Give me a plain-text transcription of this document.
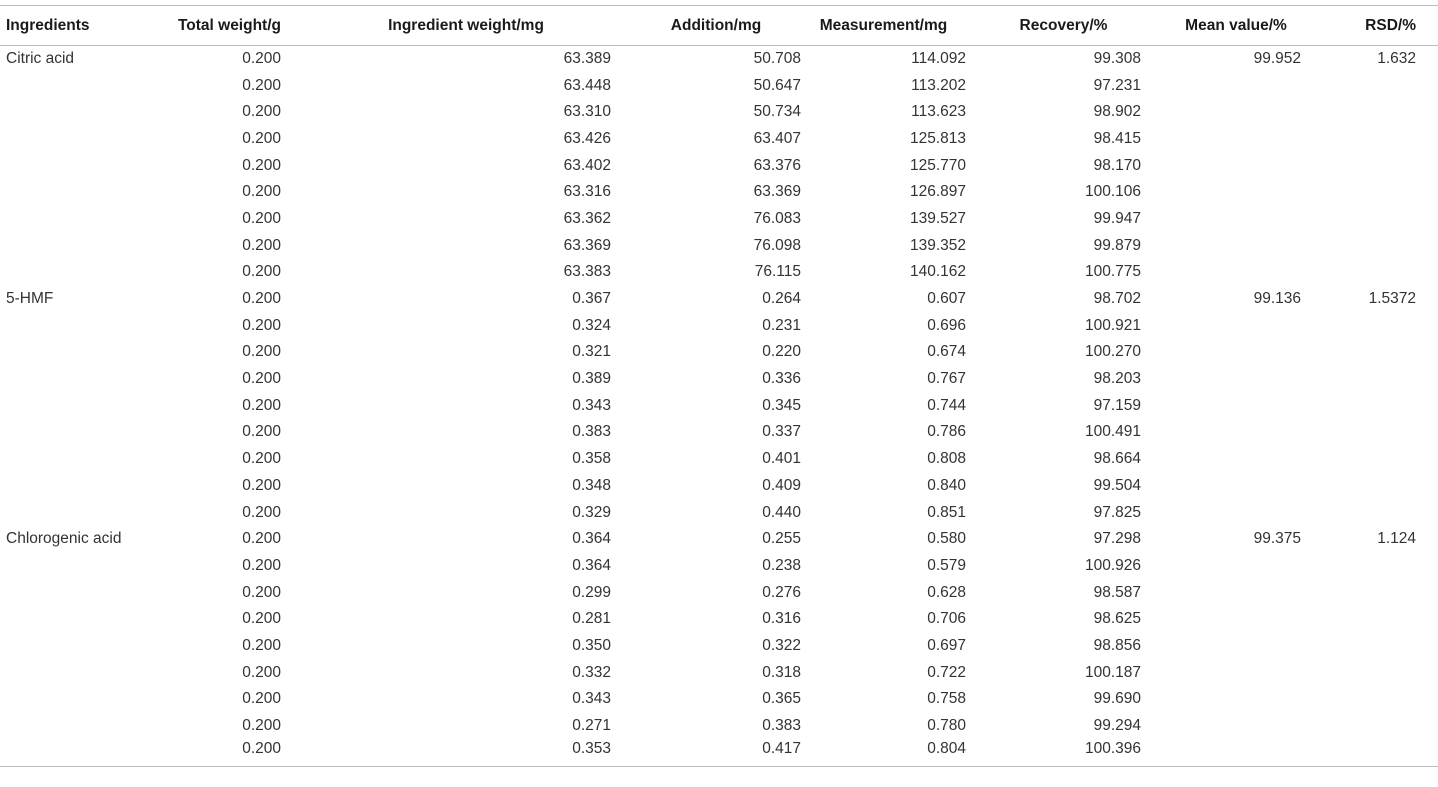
Ingredients	Total weight/g	Ingredient weight/mg	Addition/mg	Measurement/mg	Recovery/%	Mean value/%	RSD/%
Citric acid	0.200	63.389	50.708	114.092	99.308	99.952	1.632
	0.200	63.448	50.647	113.202	97.231		
	0.200	63.310	50.734	113.623	98.902		
	0.200	63.426	63.407	125.813	98.415		
	0.200	63.402	63.376	125.770	98.170		
	0.200	63.316	63.369	126.897	100.106		
	0.200	63.362	76.083	139.527	99.947		
	0.200	63.369	76.098	139.352	99.879		
	0.200	63.383	76.115	140.162	100.775		
5-HMF	0.200	0.367	0.264	0.607	98.702	99.136	1.5372
	0.200	0.324	0.231	0.696	100.921		
	0.200	0.321	0.220	0.674	100.270		
	0.200	0.389	0.336	0.767	98.203		
	0.200	0.343	0.345	0.744	97.159		
	0.200	0.383	0.337	0.786	100.491		
	0.200	0.358	0.401	0.808	98.664		
	0.200	0.348	0.409	0.840	99.504		
	0.200	0.329	0.440	0.851	97.825		
Chlorogenic acid	0.200	0.364	0.255	0.580	97.298	99.375	1.124
	0.200	0.364	0.238	0.579	100.926		
	0.200	0.299	0.276	0.628	98.587		
	0.200	0.281	0.316	0.706	98.625		
	0.200	0.350	0.322	0.697	98.856		
	0.200	0.332	0.318	0.722	100.187		
	0.200	0.343	0.365	0.758	99.690		
	0.200	0.271	0.383	0.780	99.294		
	0.200	0.353	0.417	0.804	100.396		
